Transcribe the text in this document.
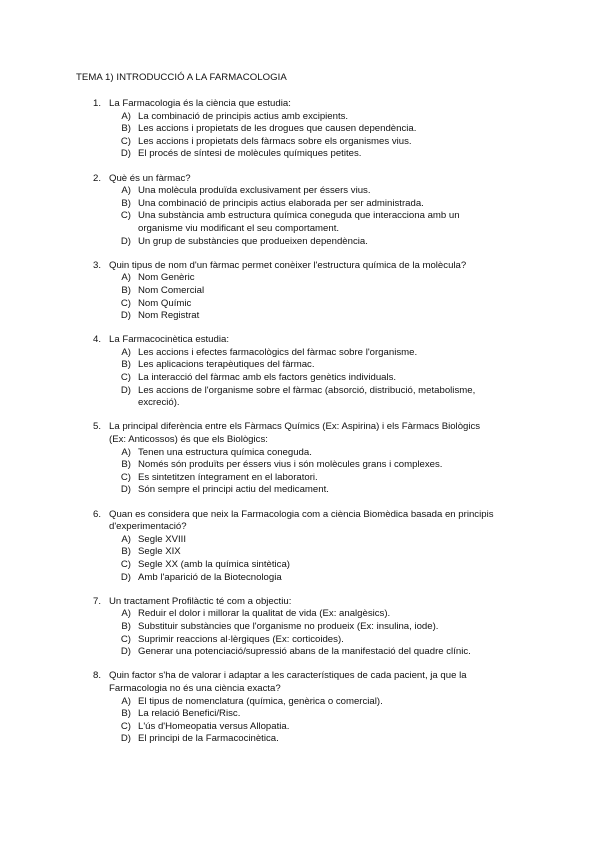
TEMA 1) INTRODUCCIÓ A LA FARMACOLOGIA
1. La Farmacologia és la ciència que estudia:
A) La combinació de principis actius amb excipients.
B) Les accions i propietats de les drogues que causen dependència.
C) Les accions i propietats dels fàrmacs sobre els organismes vius.
D) El procés de síntesi de molècules químiques petites.
2. Què és un fàrmac?
A) Una molècula produïda exclusivament per éssers vius.
B) Una combinació de principis actius elaborada per ser administrada.
C) Una substància amb estructura química coneguda que interacciona amb un organisme viu modificant el seu comportament.
D) Un grup de substàncies que produeixen dependència.
3. Quin tipus de nom d'un fàrmac permet conèixer l'estructura química de la molècula?
A) Nom Genèric
B) Nom Comercial
C) Nom Químic
D) Nom Registrat
4. La Farmacocinètica estudia:
A) Les accions i efectes farmacològics del fàrmac sobre l'organisme.
B) Les aplicacions terapèutiques del fàrmac.
C) La interacció del fàrmac amb els factors genètics individuals.
D) Les accions de l'organisme sobre el fàrmac (absorció, distribució, metabolisme, excreció).
5. La principal diferència entre els Fàrmacs Químics (Ex: Aspirina) i els Fàrmacs Biològics (Ex: Anticossos) és que els Biològics:
A) Tenen una estructura química coneguda.
B) Només són produïts per éssers vius i són molècules grans i complexes.
C) Es sintetitzen íntegrament en el laboratori.
D) Són sempre el principi actiu del medicament.
6. Quan es considera que neix la Farmacologia com a ciència Biomèdica basada en principis d'experimentació?
A) Segle XVIII
B) Segle XIX
C) Segle XX (amb la química sintètica)
D) Amb l'aparició de la Biotecnologia
7. Un tractament Profilàctic té com a objectiu:
A) Reduir el dolor i millorar la qualitat de vida (Ex: analgèsics).
B) Substituir substàncies que l'organisme no produeix (Ex: insulina, iode).
C) Suprimir reaccions al·lèrgiques (Ex: corticoides).
D) Generar una potenciació/supressió abans de la manifestació del quadre clínic.
8. Quin factor s'ha de valorar i adaptar a les característiques de cada pacient, ja que la Farmacologia no és una ciència exacta?
A) El tipus de nomenclatura (química, genèrica o comercial).
B) La relació Benefici/Risc.
C) L'ús d'Homeopatia versus Allopatia.
D) El principi de la Farmacocinètica.
